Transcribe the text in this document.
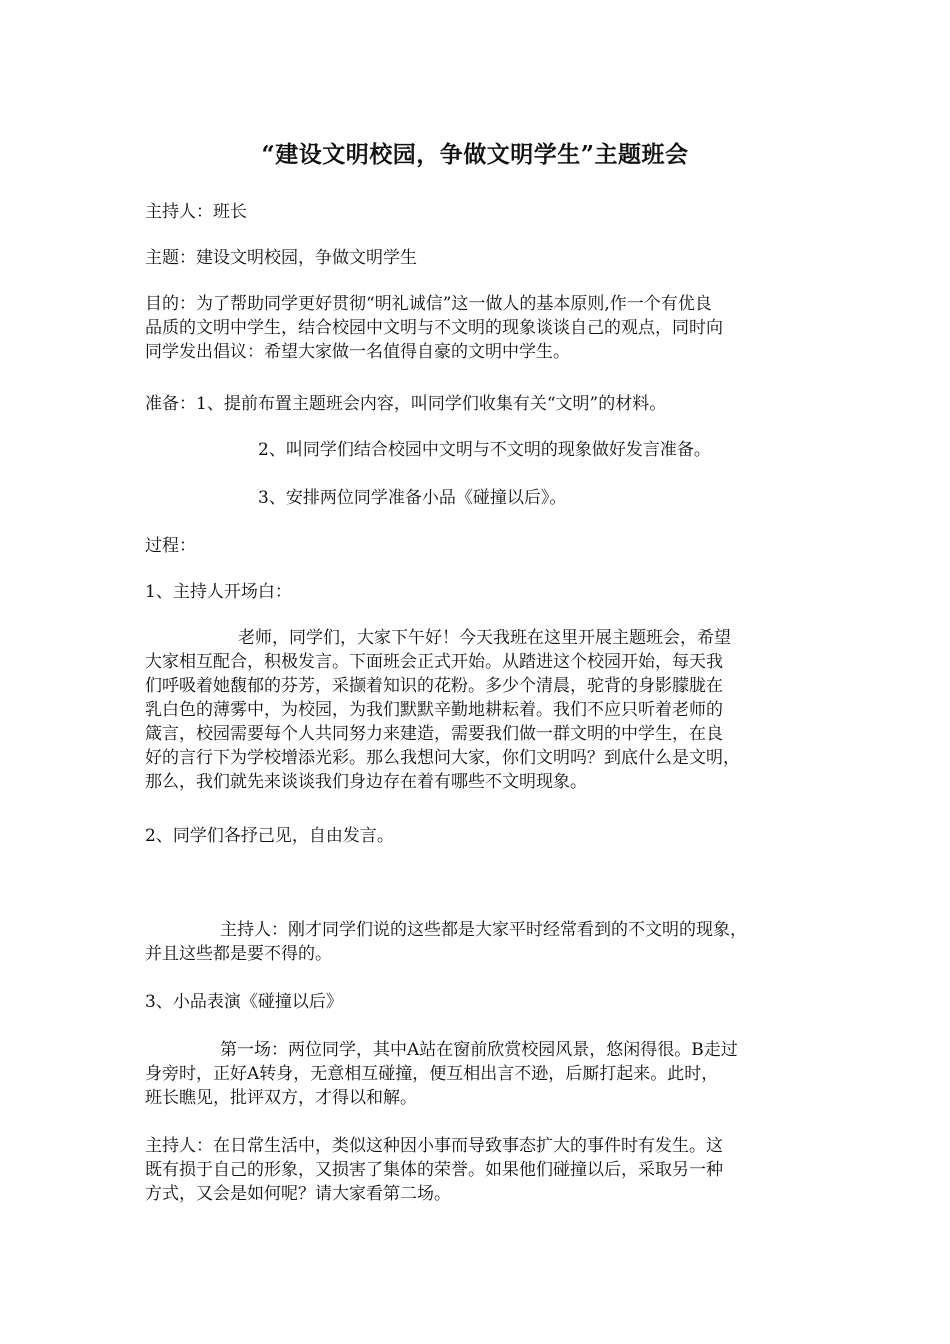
“建设文明校园，争做文明学生”主题班会

主持人：班长

主题：建设文明校园，争做文明学生

目的：为了帮助同学更好贯彻“明礼诚信”这一做人的基本原则,作一个有优良
品质的文明中学生，结合校园中文明与不文明的现象谈谈自己的观点，同时向
同学发出倡议：希望大家做一名值得自豪的文明中学生。

准备：1、提前布置主题班会内容，叫同学们收集有关“文明”的材料。

2、叫同学们结合校园中文明与不文明的现象做好发言准备。

3、安排两位同学准备小品《碰撞以后》。

过程：

1、主持人开场白：

老师，同学们，大家下午好！今天我班在这里开展主题班会，希望
大家相互配合，积极发言。下面班会正式开始。从踏进这个校园开始，每天我
们呼吸着她馥郁的芬芳，采撷着知识的花粉。多少个清晨，驼背的身影朦胧在
乳白色的薄雾中，为校园，为我们默默辛勤地耕耘着。我们不应只听着老师的
箴言，校园需要每个人共同努力来建造，需要我们做一群文明的中学生，在良
好的言行下为学校增添光彩。那么我想问大家，你们文明吗？到底什么是文明，
那么，我们就先来谈谈我们身边存在着有哪些不文明现象。

2、同学们各抒己见，自由发言。

主持人：刚才同学们说的这些都是大家平时经常看到的不文明的现象，
并且这些都是要不得的。

3、小品表演《碰撞以后》

第一场：两位同学，其中A站在窗前欣赏校园风景，悠闲得很。B走过
身旁时，正好A转身，无意相互碰撞，便互相出言不逊，后厮打起来。此时，
班长瞧见，批评双方，才得以和解。

主持人：在日常生活中，类似这种因小事而导致事态扩大的事件时有发生。这
既有损于自己的形象，又损害了集体的荣誉。如果他们碰撞以后，采取另一种
方式，又会是如何呢？请大家看第二场。
